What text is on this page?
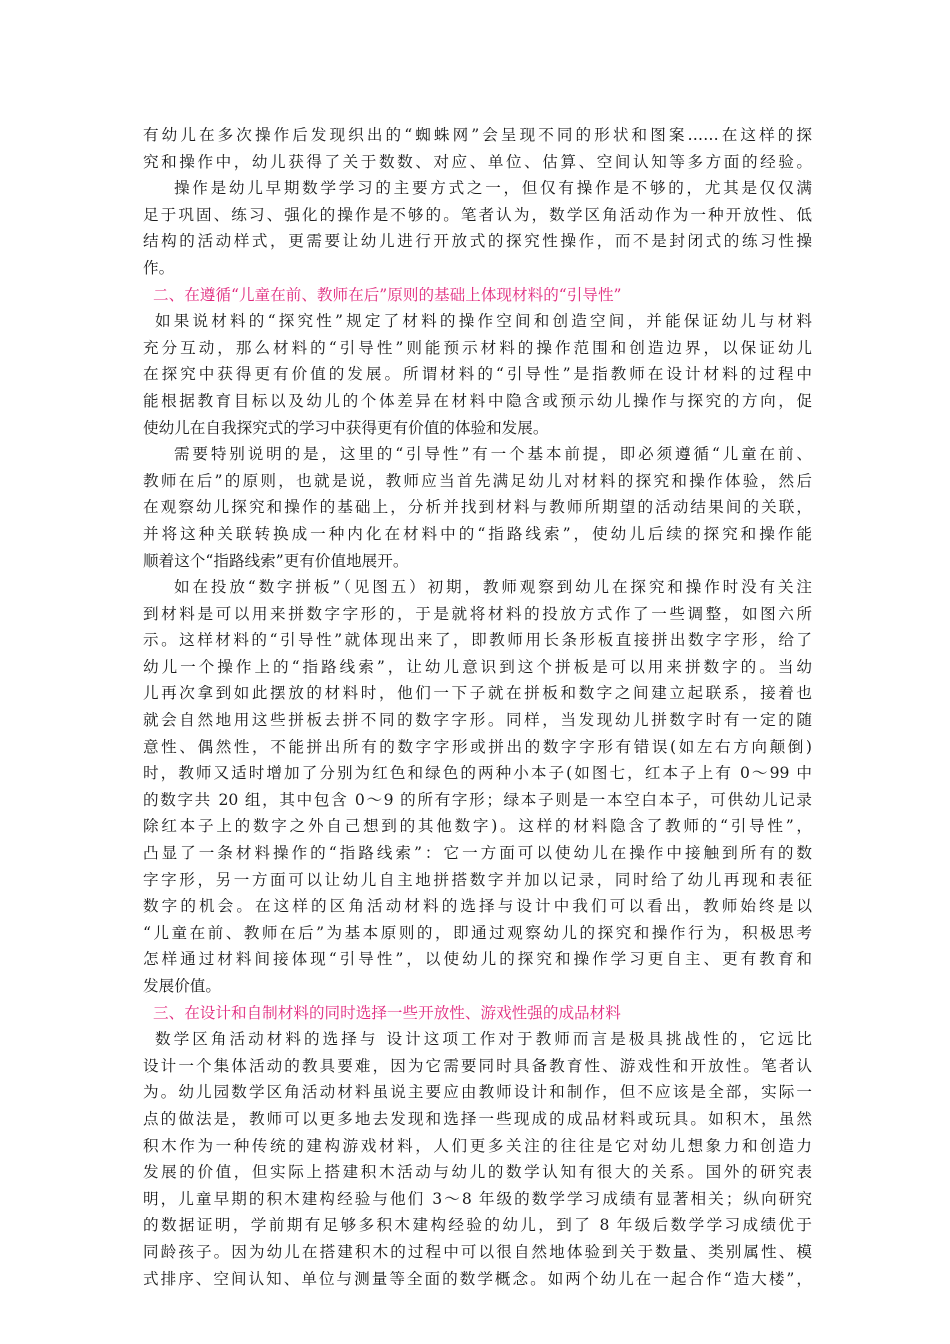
有幼儿在多次操作后发现织出的“蜘蛛网”会呈现不同的形状和图案……在这样的探
究和操作中，幼儿获得了关于数数、对应、单位、估算、空间认知等多方面的经验。
操作是幼儿早期数学学习的主要方式之一，但仅有操作是不够的，尤其是仅仅满
足于巩固、练习、强化的操作是不够的。笔者认为，数学区角活动作为一种开放性、低
结构的活动样式，更需要让幼儿进行开放式的探究性操作，而不是封闭式的练习性操
作。
二、在遵循“儿童在前、教师在后”原则的基础上体现材料的“引导性”
如果说材料的“探究性”规定了材料的操作空间和创造空间，并能保证幼儿与材料
充分互动，那么材料的“引导性”则能预示材料的操作范围和创造边界，以保证幼儿
在探究中获得更有价值的发展。所谓材料的“引导性”是指教师在设计材料的过程中
能根据教育目标以及幼儿的个体差异在材料中隐含或预示幼儿操作与探究的方向，促
使幼儿在自我探究式的学习中获得更有价值的体验和发展。
需要特别说明的是，这里的“引导性”有一个基本前提，即必须遵循“儿童在前、
教师在后”的原则，也就是说，教师应当首先满足幼儿对材料的探究和操作体验，然后
在观察幼儿探究和操作的基础上，分析并找到材料与教师所期望的活动结果间的关联，
并将这种关联转换成一种内化在材料中的“指路线索”，使幼儿后续的探究和操作能
顺着这个“指路线索”更有价值地展开。
如在投放“数字拼板”（见图五）初期，教师观察到幼儿在探究和操作时没有关注
到材料是可以用来拼数字字形的，于是就将材料的投放方式作了一些调整，如图六所
示。这样材料的“引导性”就体现出来了，即教师用长条形板直接拼出数字字形，给了
幼儿一个操作上的“指路线索”，让幼儿意识到这个拼板是可以用来拼数字的。当幼
儿再次拿到如此摆放的材料时，他们一下子就在拼板和数字之间建立起联系，接着也
就会自然地用这些拼板去拼不同的数字字形。同样，当发现幼儿拼数字时有一定的随
意性、偶然性，不能拼出所有的数字字形或拼出的数字字形有错误(如左右方向颠倒)
时，教师又适时增加了分别为红色和绿色的两种小本子(如图七，红本子上有 0～99 中
的数字共 20 组，其中包含 0～9 的所有字形；绿本子则是一本空白本子，可供幼儿记录
除红本子上的数字之外自己想到的其他数字)。这样的材料隐含了教师的“引导性”，
凸显了一条材料操作的“指路线索”：它一方面可以使幼儿在操作中接触到所有的数
字字形，另一方面可以让幼儿自主地拼搭数字并加以记录，同时给了幼儿再现和表征
数字的机会。在这样的区角活动材料的选择与设计中我们可以看出，教师始终是以
“儿童在前、教师在后”为基本原则的，即通过观察幼儿的探究和操作行为，积极思考
怎样通过材料间接体现“引导性”，以使幼儿的探究和操作学习更自主、更有教育和
发展价值。
三、在设计和自制材料的同时选择一些开放性、游戏性强的成品材料
数学区角活动材料的选择与 设计这项工作对于教师而言是极具挑战性的，它远比
设计一个集体活动的教具要难，因为它需要同时具备教育性、游戏性和开放性。笔者认
为。幼儿园数学区角活动材料虽说主要应由教师设计和制作，但不应该是全部，实际一
点的做法是，教师可以更多地去发现和选择一些现成的成品材料或玩具。如积木，虽然
积木作为一种传统的建构游戏材料，人们更多关注的往往是它对幼儿想象力和创造力
发展的价值，但实际上搭建积木活动与幼儿的数学认知有很大的关系。国外的研究表
明，儿童早期的积木建构经验与他们 3～8 年级的数学学习成绩有显著相关；纵向研究
的数据证明，学前期有足够多积木建构经验的幼儿，到了 8 年级后数学学习成绩优于
同龄孩子。因为幼儿在搭建积木的过程中可以很自然地体验到关于数量、类别属性、模
式排序、空间认知、单位与测量等全面的数学概念。如两个幼儿在一起合作“造大楼”，
